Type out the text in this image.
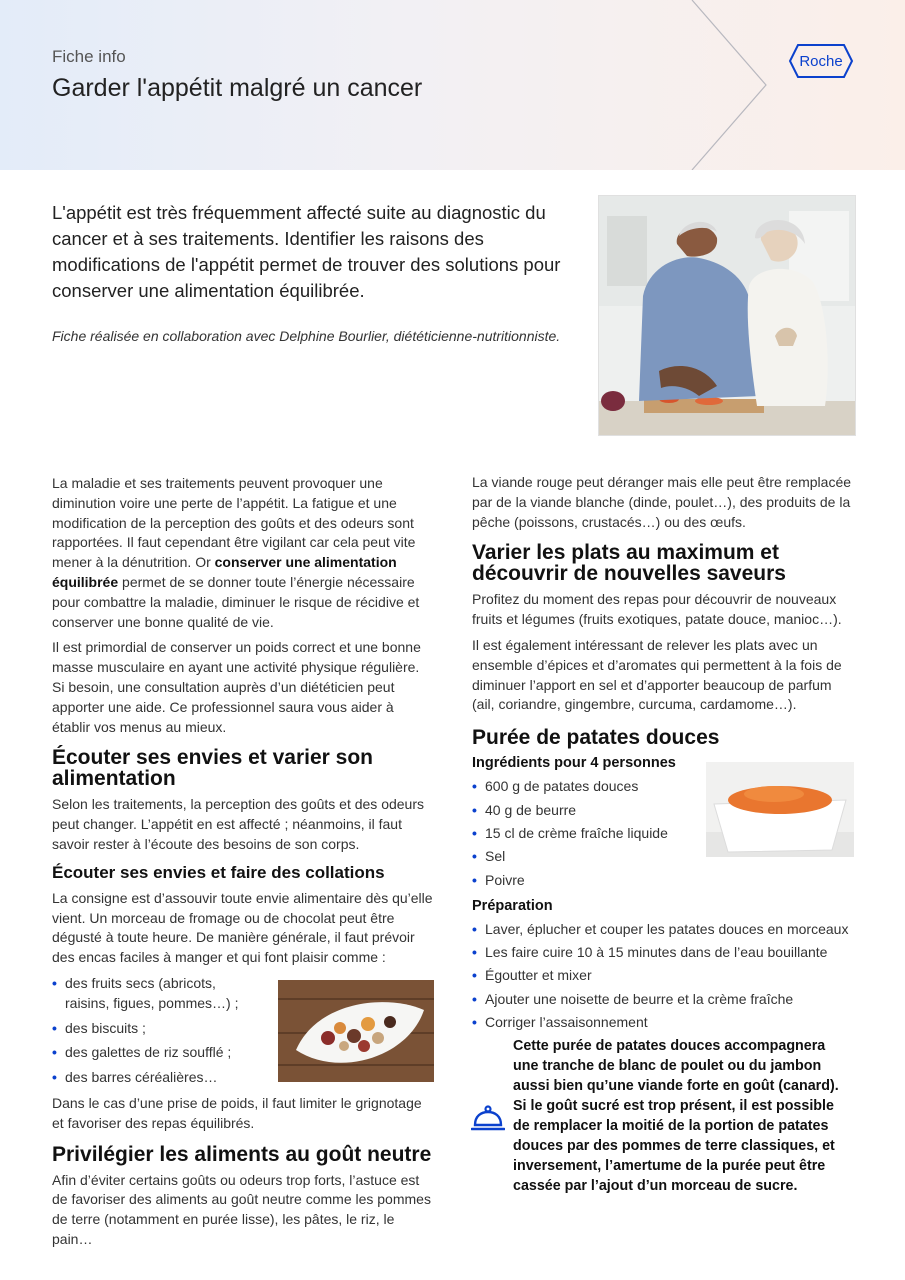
Fiche info
Garder l'appétit malgré un cancer
Roche
L'appétit est très fréquemment affecté suite au diagnostic du cancer et à ses traitements. Identifier les raisons des modifications de l'appétit permet de trouver des solutions pour conserver une alimentation équilibrée.
Fiche réalisée en collaboration avec Delphine Bourlier, diététicienne-nutritionniste.

La maladie et ses traitements peuvent provoquer une diminution voire une perte de l’appétit. La fatigue et une modification de la perception des goûts et des odeurs sont rapportées. Il faut cependant être vigilant car cela peut vite mener à la dénutrition. Or conserver une alimentation équilibrée permet de se donner toute l’énergie nécessaire pour combattre la maladie, diminuer le risque de récidive et conserver une bonne qualité de vie.

Il est primordial de conserver un poids correct et une bonne masse musculaire en ayant une activité physique régulière. Si besoin, une consultation auprès d’un diététicien peut apporter une aide. Ce professionnel saura vous aider à établir vos menus au mieux.

Écouter ses envies et varier son alimentation

Selon les traitements, la perception des goûts et des odeurs peut changer. L’appétit en est affecté ; néanmoins, il faut savoir rester à l’écoute des besoins de son corps.

Écouter ses envies et faire des collations

La consigne est d’assouvir toute envie alimentaire dès qu’elle vient. Un morceau de fromage ou de chocolat peut être dégusté à toute heure. De manière générale, il faut prévoir des encas faciles à manger et qui font plaisir comme :

• des fruits secs (abricots, raisins, figues, pommes…) ;
• des biscuits ;
• des galettes de riz soufflé ;
• des barres céréalières…

Dans le cas d’une prise de poids, il faut limiter le grignotage et favoriser des repas équilibrés.

Privilégier les aliments au goût neutre

Afin d’éviter certains goûts ou odeurs trop forts, l’astuce est de favoriser des aliments au goût neutre comme les pommes de terre (notamment en purée lisse), les pâtes, le riz, le pain…

La viande rouge peut déranger mais elle peut être remplacée par de la viande blanche (dinde, poulet…), des produits de la pêche (poissons, crustacés…) ou des œufs.

Varier les plats au maximum et découvrir de nouvelles saveurs

Profitez du moment des repas pour découvrir de nouveaux fruits et légumes (fruits exotiques, patate douce, manioc…).

Il est également intéressant de relever les plats avec un ensemble d’épices et d’aromates qui permettent à la fois de diminuer l’apport en sel et d’apporter beaucoup de parfum (ail, coriandre, gingembre, curcuma, cardamome…).

Purée de patates douces
Ingrédients pour 4 personnes
• 600 g de patates douces
• 40 g de beurre
• 15 cl de crème fraîche liquide
• Sel
• Poivre
Préparation
• Laver, éplucher et couper les patates douces en morceaux
• Les faire cuire 10 à 15 minutes dans de l’eau bouillante
• Égoutter et mixer
• Ajouter une noisette de beurre et la crème fraîche
• Corriger l’assaisonnement
Cette purée de patates douces accompagnera une tranche de blanc de poulet ou du jambon aussi bien qu’une viande forte en goût (canard). Si le goût sucré est trop présent, il est possible de remplacer la moitié de la portion de patates douces par des pommes de terre classiques, et inversement, l’amertume de la purée peut être cassée par l’ajout d’un morceau de sucre.
